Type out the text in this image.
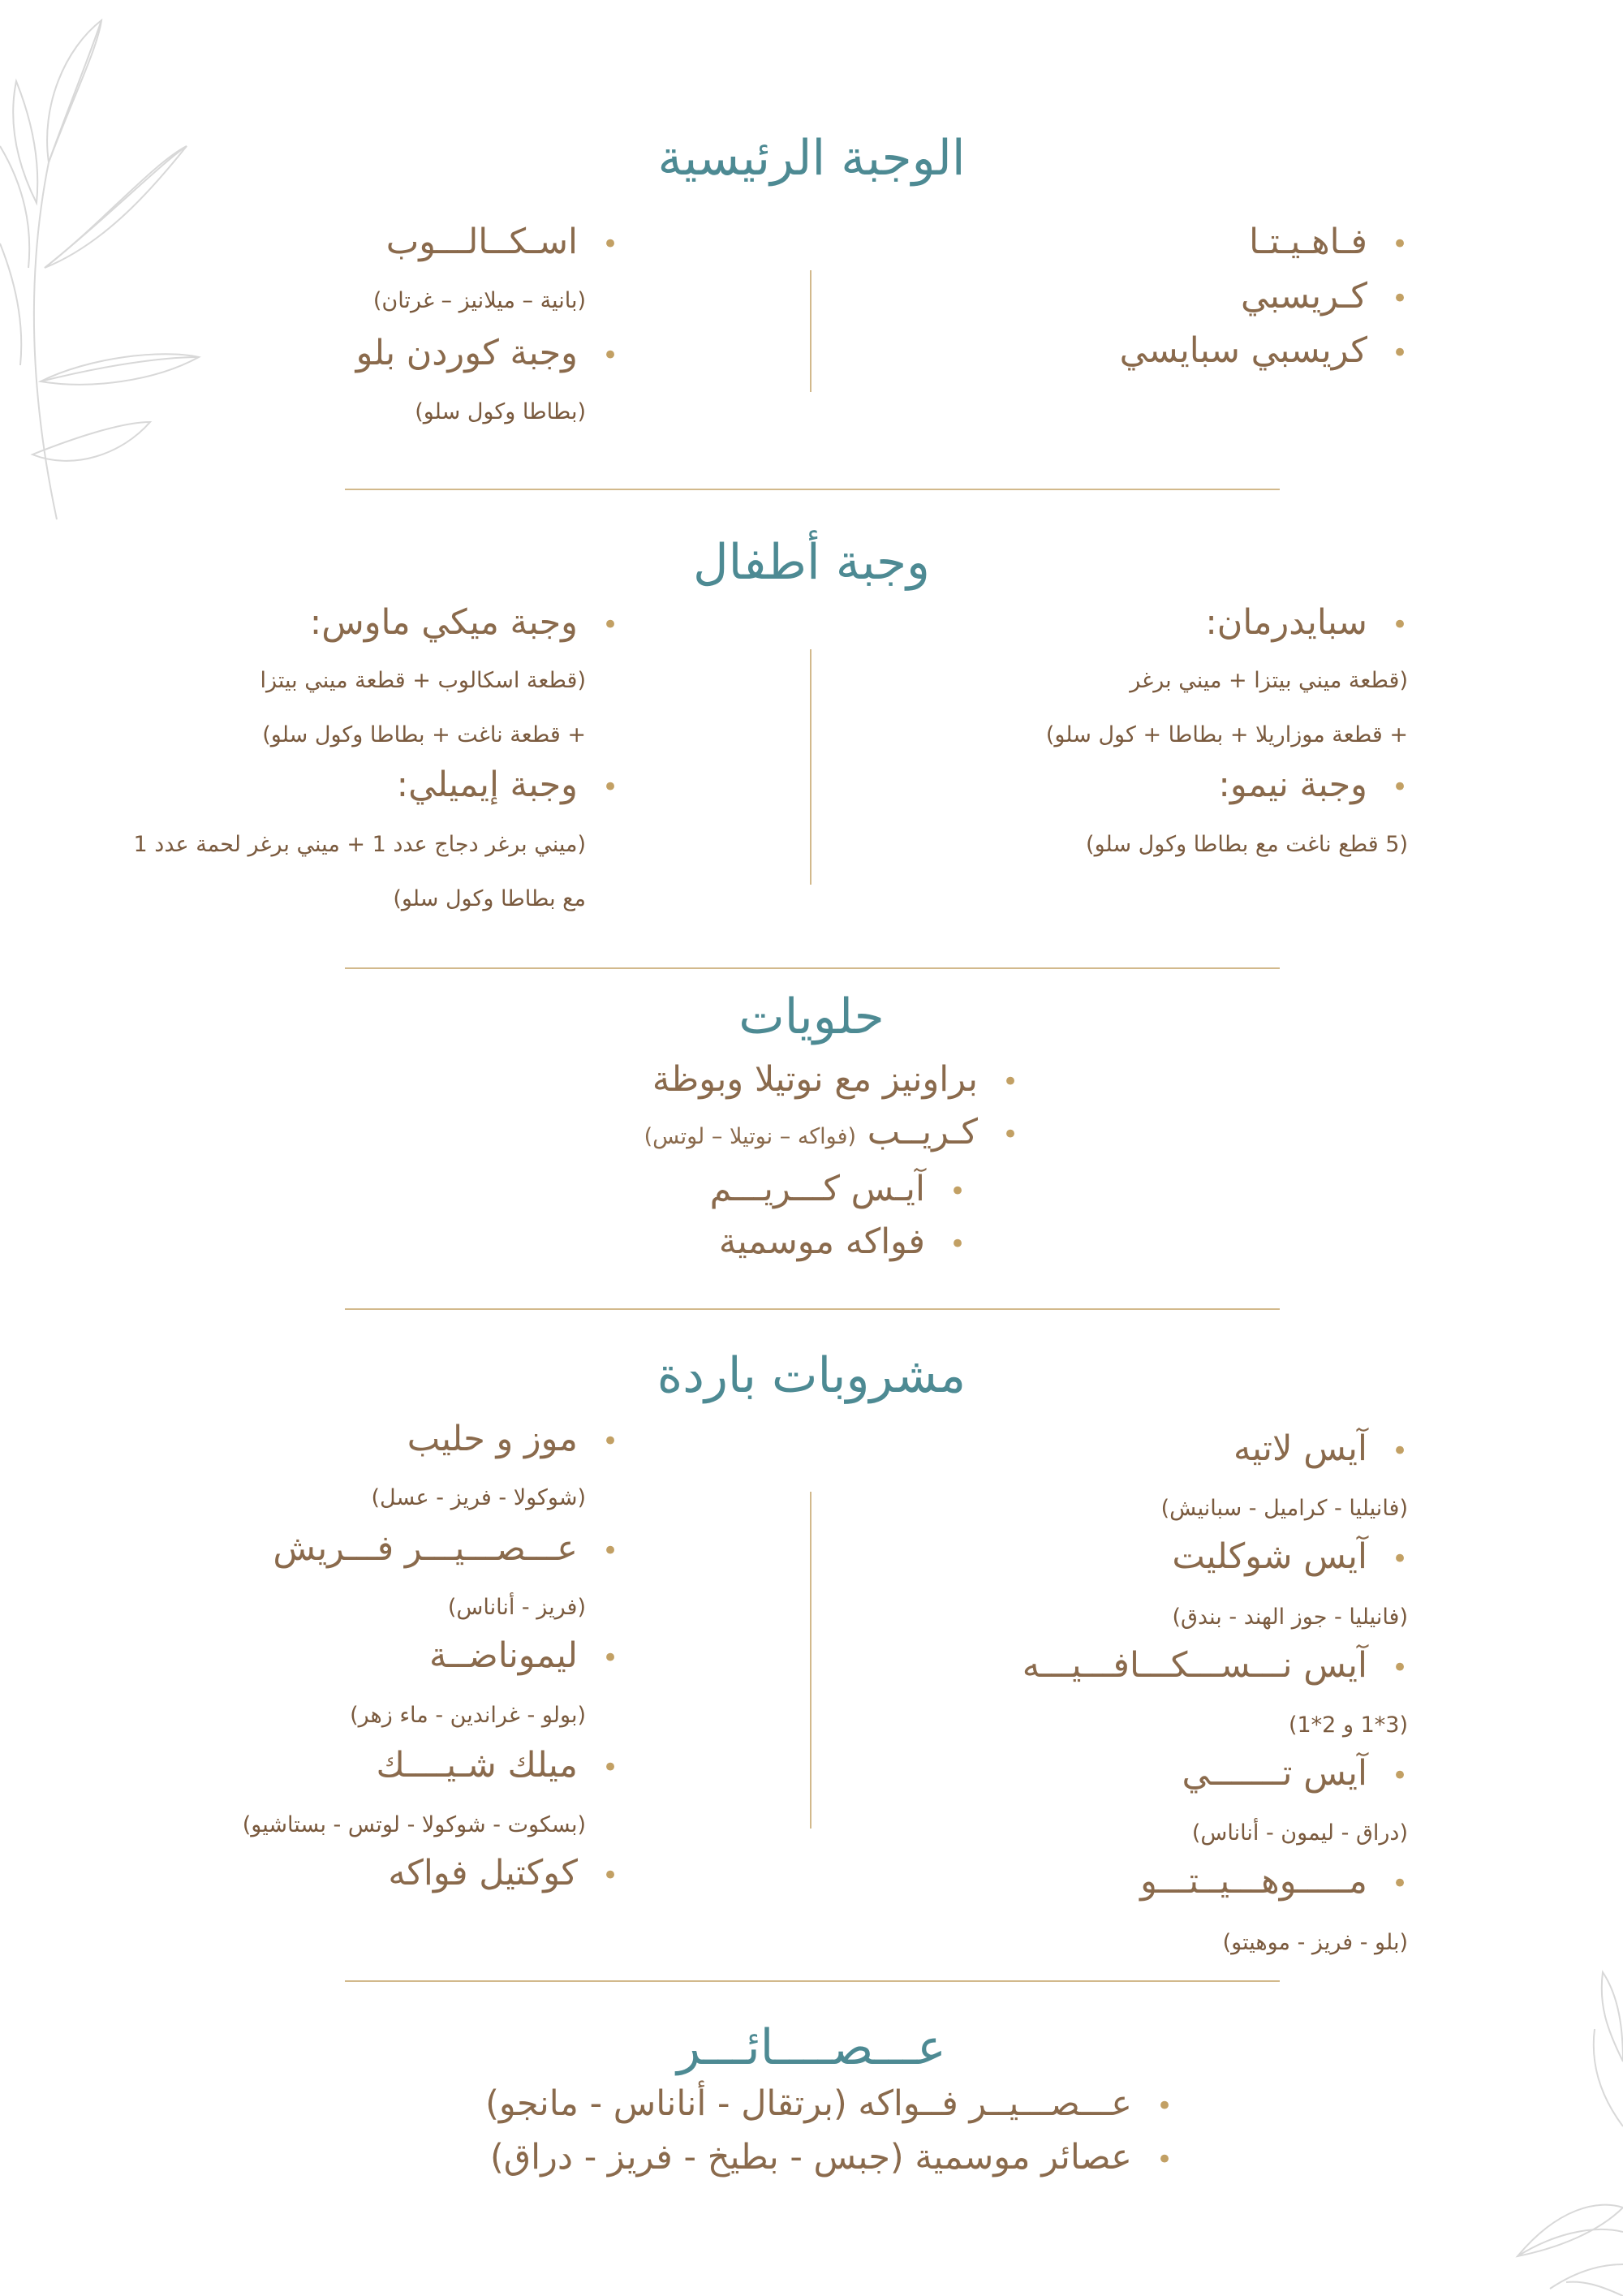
الوجبة الرئيسية
• فـاهـيـتـا
• كـريسبي
• كريسبي سبايسي
• اسـكــالـــوب
(بانية – ميلانيز – غرتان)
• وجبة كوردن بلو
(بطاطا وكول سلو)
وجبة أطفال
• سبايدرمان:
(قطعة ميني بيتزا + ميني برغر
+ قطعة موزاريلا + بطاطا + كول سلو)
• وجبة نيمو:
(5 قطع ناغت مع بطاطا وكول سلو)
• وجبة ميكي ماوس:
(قطعة اسكالوب + قطعة ميني بيتزا
+ قطعة ناغت + بطاطا وكول سلو)
• وجبة إيميلي:
(ميني برغر دجاج عدد 1 + ميني برغر لحمة عدد 1
مع بطاطا وكول سلو)
حلويات
• براونيز مع نوتيلا وبوظة
• كـريــب (فواكه – نوتيلا – لوتس)
• آيـس كـــريـــم
• فواكه موسمية
مشروبات باردة
• آيس لاتيه
(فانيليا - كراميل - سبانيش)
• آيس شوكليت
(فانيليا - جوز الهند - بندق)
• آيس نـــســـكـــافـــيـــه
(3*1 و 2*1)
• آيس تـــــــي
(دراق - ليمون - أناناس)
• مـــــوهـــيــتـــو
(بلو - فريز - موهيتو)
• موز و حليب
(شوكولا - فريز - عسل)
• عـــصـــيـــر فـــريش
(فريز - أناناس)
• ليموناضــة
(بولو - غراندين - ماء زهر)
• ميلك شـيــــك
(بسكوت - شوكولا - لوتس - بستاشيو)
• كوكتيل فواكه
عـــصــــائـــر
• عـــصـــيــر فــواكه (برتقال - أناناس - مانجو)
• عصائر موسمية (جبس - بطيخ - فريز - دراق)
